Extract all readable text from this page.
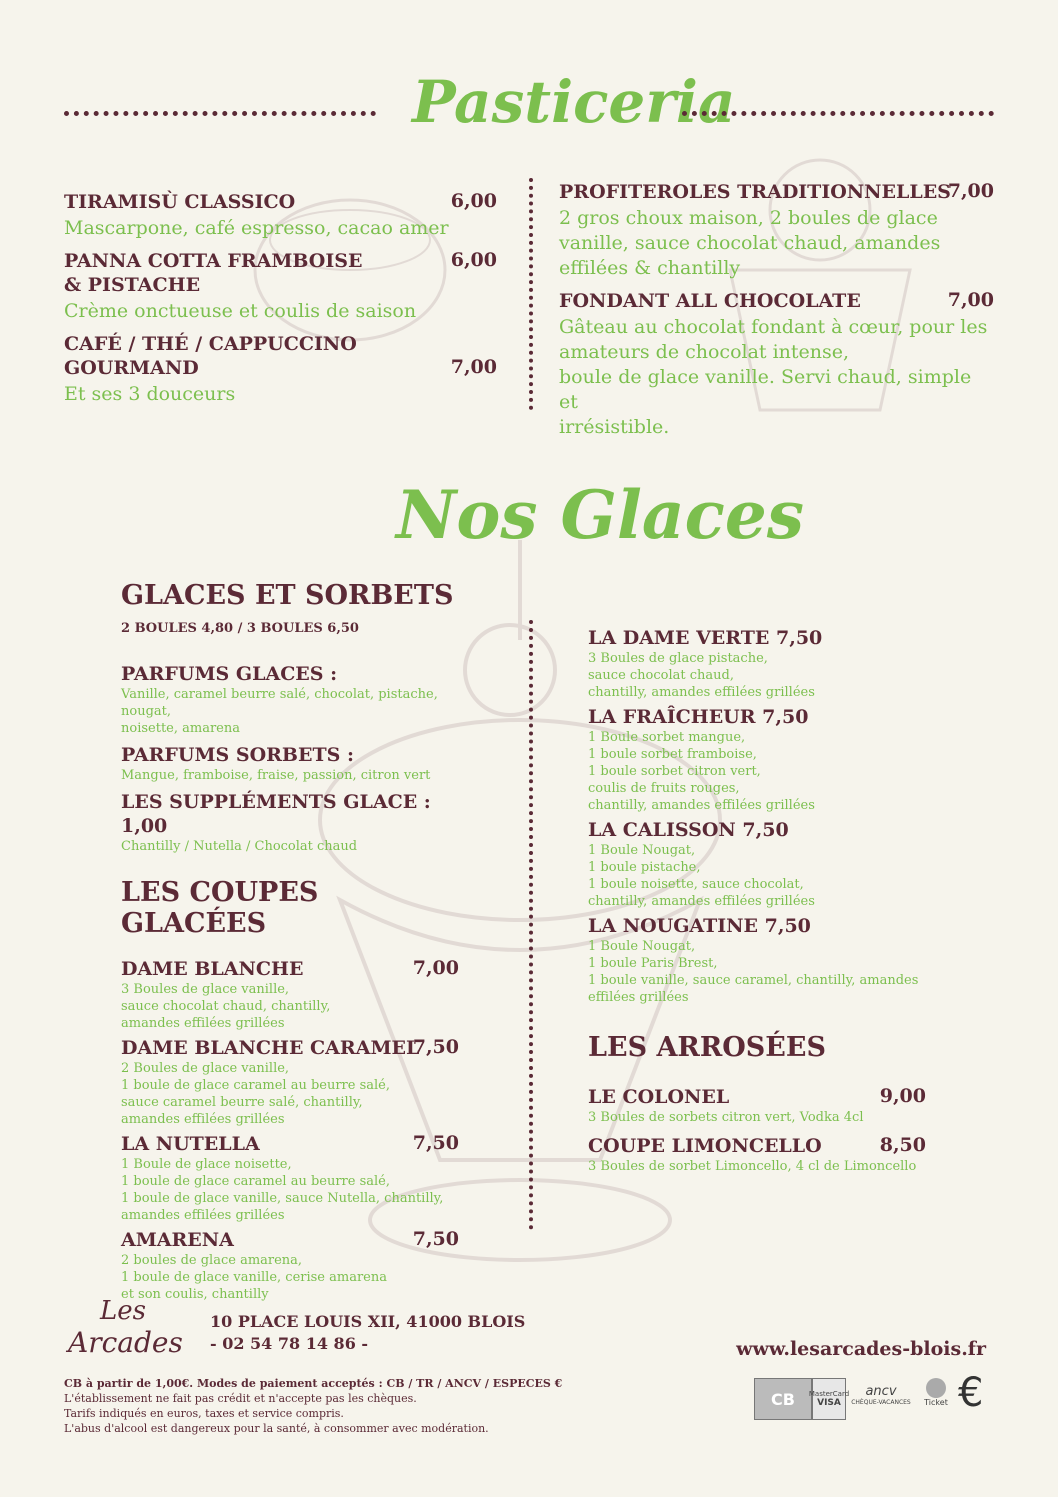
Pasticeria
TIRAMISÙ CLASSICO	6,00
Mascarpone, café espresso, cacao amer
PANNA COTTA FRAMBOISE
& PISTACHE
6,00
Crème onctueuse et coulis de saison
CAFÉ / THÉ / CAPPUCCINO
GOURMAND	7,00
Et ses 3 douceurs
PROFITEROLES TRADITIONNELLES
7,00
2 gros choux maison, 2 boules de glace
vanille, sauce chocolat chaud, amandes
effilées & chantilly
FONDANT ALL CHOCOLATE	7,00
Gâteau au chocolat fondant à cœur, pour les
amateurs de chocolat intense,
boule de glace vanille. Servi chaud, simple et
irrésistible.
Nos Glaces
GLACES ET SORBETS
2 BOULES 4,80 / 3 BOULES 6,50
PARFUMS GLACES :
Vanille, caramel beurre salé, chocolat, pistache, nougat,
noisette, amarena
PARFUMS SORBETS :
Mangue, framboise, fraise, passion, citron vert
LES SUPPLÉMENTS GLACE : 1,00
Chantilly / Nutella / Chocolat chaud
LES COUPES GLACÉES
DAME BLANCHE	7,00
3 Boules de glace vanille,
sauce chocolat chaud, chantilly,
amandes effilées grillées
DAME BLANCHE CARAMEL
7,50
2 Boules de glace vanille,
1 boule de glace caramel au beurre salé,
sauce caramel beurre salé, chantilly,
amandes effilées grillées
LA NUTELLA	7,50
1 Boule de glace noisette,
1 boule de glace caramel au beurre salé,
1 boule de glace vanille, sauce Nutella, chantilly,
amandes effilées grillées
AMARENA	7,50
2 boules de glace amarena,
1 boule de glace vanille, cerise amarena
et son coulis, chantilly
LA DAME VERTE 7,50
3 Boules de glace pistache,
sauce chocolat chaud,
chantilly, amandes effilées grillées
LA FRAÎCHEUR 7,50
1 Boule sorbet mangue,
1 boule sorbet framboise,
1 boule sorbet citron vert,
coulis de fruits rouges,
chantilly, amandes effilées grillées
LA CALISSON 7,50
1 Boule Nougat,
1 boule pistache,
1 boule noisette, sauce chocolat,
chantilly, amandes effilées grillées
LA NOUGATINE 7,50
1 Boule Nougat,
1 boule Paris Brest,
1 boule vanille, sauce caramel, chantilly, amandes
effilées grillées
LES ARROSÉES
LE COLONEL	9,00
3 Boules de sorbets citron vert, Vodka 4cl
COUPE LIMONCELLO	8,50
3 Boules de sorbet Limoncello, 4 cl de Limoncello
Les
Arcades
10 PLACE LOUIS XII, 41000 BLOIS
- 02 54 78 14 86 -	www.lesarcades-blois.fr
CB à partir de 1,00€. Modes de paiement acceptés : CB / TR / ANCV / ESPECES €
L'établissement ne fait pas crédit et n'accepte pas les chèques.
Tarifs indiqués en euros, taxes et service compris.
L'abus d'alcool est dangereux pour la santé, à consommer avec modération.
CB MasterCard
VISA
ancv
CHÈQUE-VACANCES	Ticket €
